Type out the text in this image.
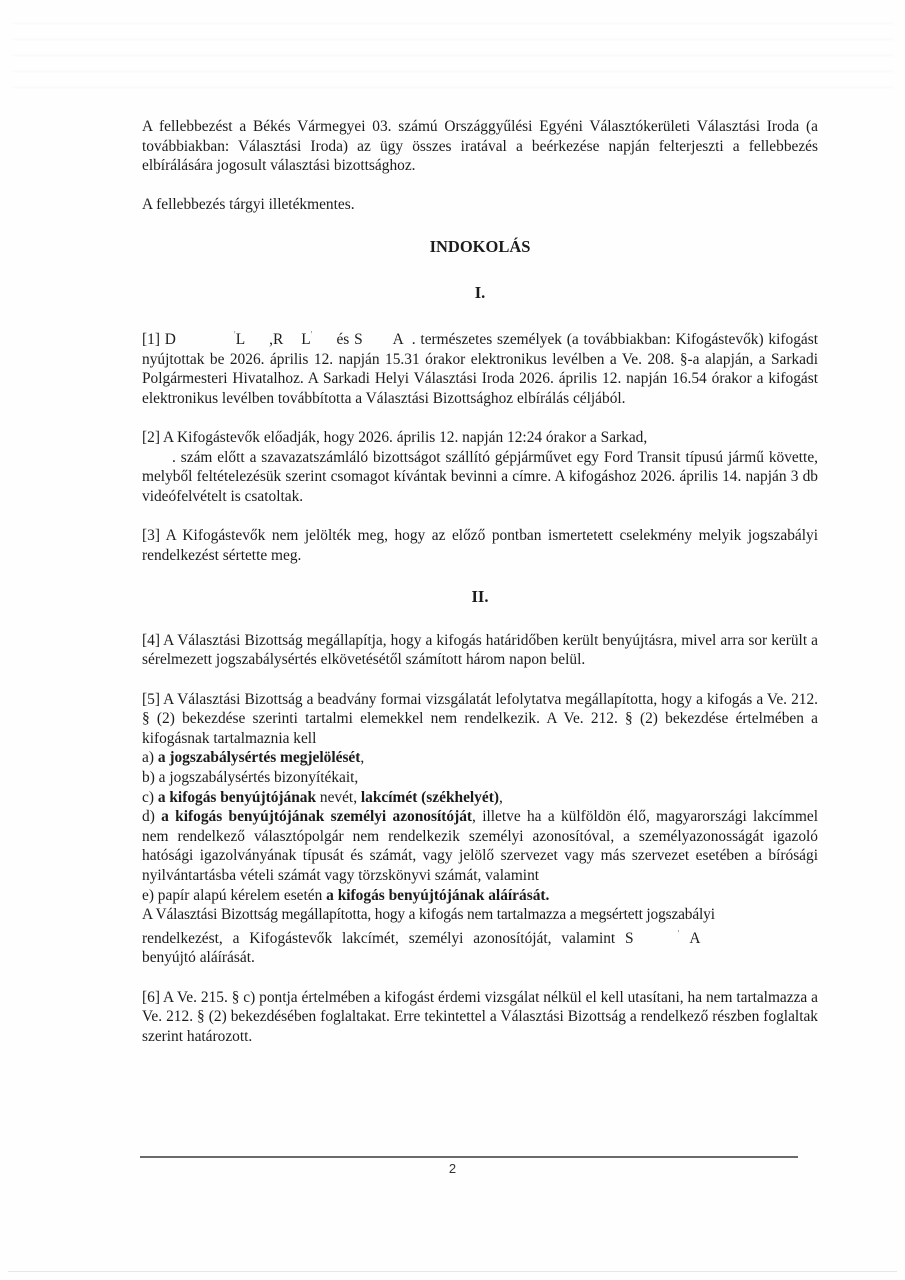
A fellebbezést a Békés Vármegyei 03. számú Országgyűlési Egyéni Választókerületi Választási Iroda (a továbbiakban: Választási Iroda) az ügy összes iratával a beérkezése napján felterjeszti a fellebbezés elbírálására jogosult választási bizottsághoz.

A fellebbezés tárgyi illetékmentes.

INDOKOLÁS

I.

[1] D	'L ,R L' és S A . természetes személyek (a továbbiakban: Kifogástevők) kifogást nyújtottak be 2026. április 12. napján 15.31 órakor elektronikus levélben a Ve. 208. §-a alapján, a Sarkadi Polgármesteri Hivatalhoz. A Sarkadi Helyi Választási Iroda 2026. április 12. napján 16.54 órakor a kifogást elektronikus levélben továbbította a Választási Bizottsághoz elbírálás céljából.

[2] A Kifogástevők előadják, hogy 2026. április 12. napján 12:24 órakor a Sarkad,
. szám előtt a szavazatszámláló bizottságot szállító gépjárművet egy Ford Transit típusú jármű követte, melyből feltételezésük szerint csomagot kívántak bevinni a címre. A kifogáshoz 2026. április 14. napján 3 db videófelvételt is csatoltak.

[3] A Kifogástevők nem jelölték meg, hogy az előző pontban ismertetett cselekmény melyik jogszabályi rendelkezést sértette meg.

II.

[4] A Választási Bizottság megállapítja, hogy a kifogás határidőben került benyújtásra, mivel arra sor került a sérelmezett jogszabálysértés elkövetésétől számított három napon belül.

[5] A Választási Bizottság a beadvány formai vizsgálatát lefolytatva megállapította, hogy a kifogás a Ve. 212. § (2) bekezdése szerinti tartalmi elemekkel nem rendelkezik. A Ve. 212. § (2) bekezdése értelmében a kifogásnak tartalmaznia kell

a) a jogszabálysértés megjelölését,

b) a jogszabálysértés bizonyítékait,

c) a kifogás benyújtójának nevét, lakcímét (székhelyét),

d) a kifogás benyújtójának személyi azonosítóját, illetve ha a külföldön élő, magyarországi lakcímmel nem rendelkező választópolgár nem rendelkezik személyi azonosítóval, a személyazonosságát igazoló hatósági igazolványának típusát és számát, vagy jelölő szervezet vagy más szervezet esetében a bírósági nyilvántartásba vételi számát vagy törzskönyvi számát, valamint

e) papír alapú kérelem esetén a kifogás benyújtójának aláírását.

A Választási Bizottság megállapította, hogy a kifogás nem tartalmazza a megsértett jogszabályi

rendelkezést, a Kifogástevők lakcímét, személyi azonosítóját, valamint S	' A

benyújtó aláírását.

[6] A Ve. 215. § c) pontja értelmében a kifogást érdemi vizsgálat nélkül el kell utasítani, ha nem tartalmazza a Ve. 212. § (2) bekezdésében foglaltakat. Erre tekintettel a Választási Bizottság a rendelkező részben foglaltak szerint határozott.

2
